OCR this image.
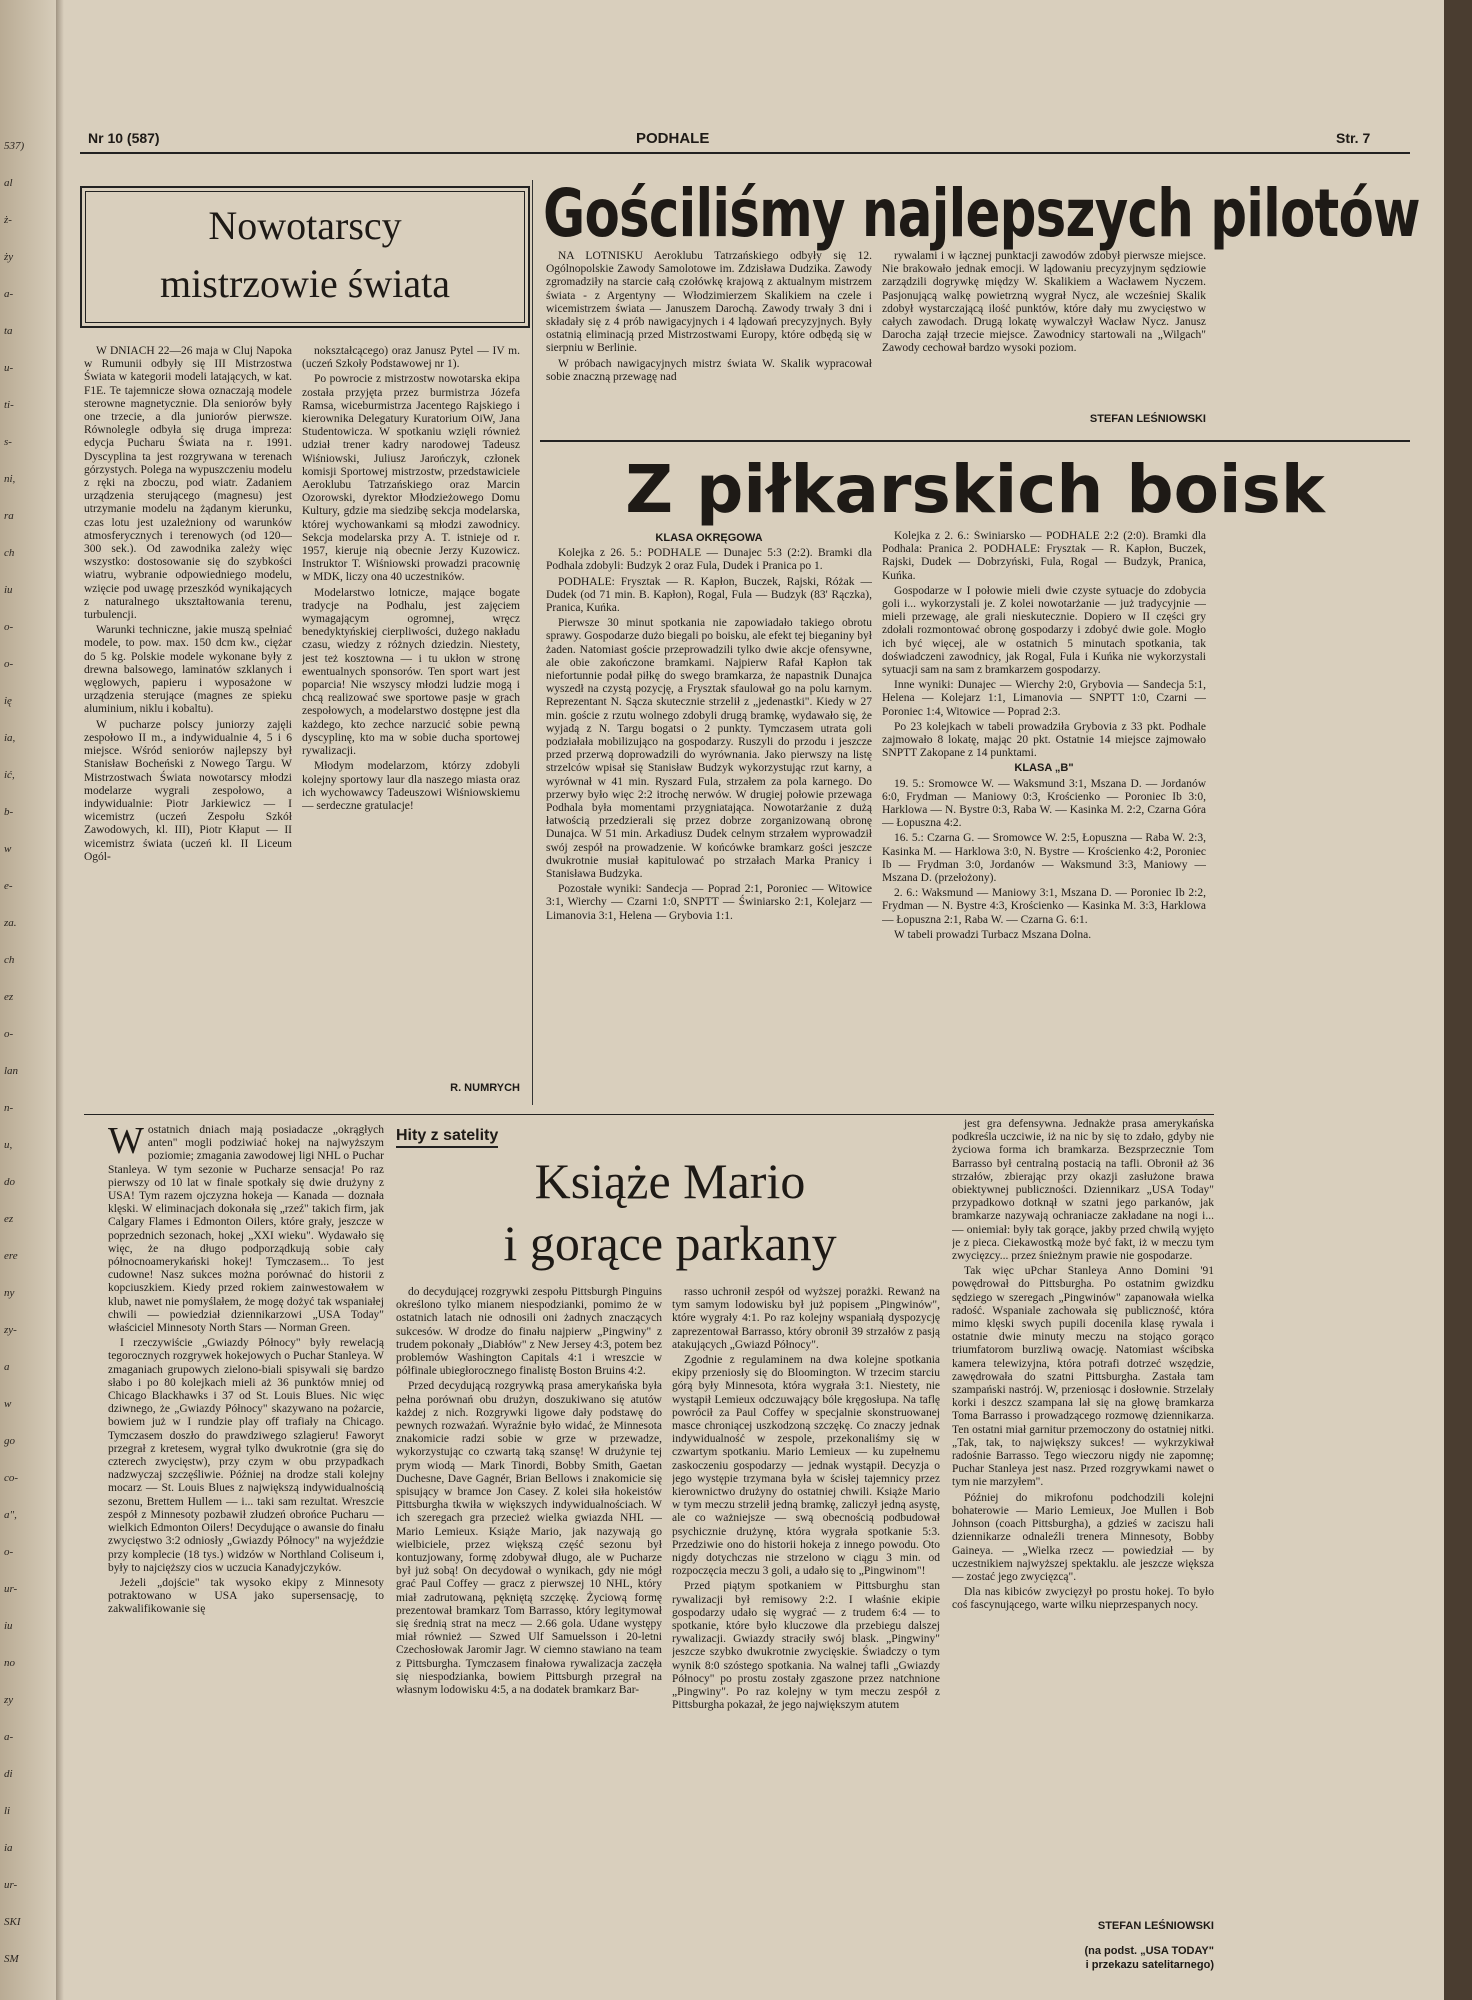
537)
al
ż-
ży
a-
ta
u-
ti-
s-
ni,
ra
ch
iu
o-
o-
ię
ia,
ić,
b-
w
e-
za.
ch
ez
o-
lan
n-
u,
do
ez
ere
ny
zy-
a
w
go
co-
a",
o-
ur-
iu
no
zy
a-
di
li
ia
ur-
SKI
SM
Nr 10 (587)	PODHALE	Str. 7
Nowotarscy
mistrzowie świata

W DNIACH 22—26 maja w Cluj Napoka w Rumunii odbyły się III Mistrzostwa Świata w kategorii modeli latających, w kat. F1E. Te tajemnicze słowa oznaczają modele sterowne magnetycznie. Dla seniorów były one trzecie, a dla juniorów pierwsze. Równolegle odbyła się druga impreza: edycja Pucharu Świata na r. 1991. Dyscyplina ta jest rozgrywana w terenach górzystych. Polega na wypuszczeniu modelu z ręki na zboczu, pod wiatr. Zadaniem urządzenia sterującego (magnesu) jest utrzymanie modelu na żądanym kierunku, czas lotu jest uzależniony od warunków atmosferycznych i terenowych (od 120—300 sek.). Od zawodnika zależy więc wszystko: dostosowanie się do szybkości wiatru, wybranie odpowiedniego modelu, wzięcie pod uwagę przeszkód wynikających z naturalnego ukształtowania terenu, turbulencji.

Warunki techniczne, jakie muszą spełniać modele, to pow. max. 150 dcm kw., ciężar do 5 kg. Polskie modele wykonane były z drewna balsowego, laminatów szklanych i węglowych, papieru i wyposażone w urządzenia sterujące (magnes ze spieku aluminium, niklu i kobaltu).

W pucharze polscy juniorzy zajęli zespołowo II m., a indywidualnie 4, 5 i 6 miejsce. Wśród seniorów najlepszy był Stanisław Bocheński z Nowego Targu. W Mistrzostwach Świata nowotarscy młodzi modelarze wygrali zespołowo, a indywidualnie: Piotr Jarkiewicz — I wicemistrz (uczeń Zespołu Szkół Zawodowych, kl. III), Piotr Kłaput — II wicemistrz świata (uczeń kl. II Liceum Ogól-

nokształcącego) oraz Janusz Pytel — IV m. (uczeń Szkoły Podstawowej nr 1).

Po powrocie z mistrzostw nowotarska ekipa została przyjęta przez burmistrza Józefa Ramsa, wiceburmistrza Jacentego Rajskiego i kierownika Delegatury Kuratorium OiW, Jana Studentowicza. W spotkaniu wzięli również udział trener kadry narodowej Tadeusz Wiśniowski, Juliusz Jarończyk, członek komisji Sportowej mistrzostw, przedstawiciele Aeroklubu Tatrzańskiego oraz Marcin Ozorowski, dyrektor Młodzieżowego Domu Kultury, gdzie ma siedzibę sekcja modelarska, której wychowankami są młodzi zawodnicy. Sekcja modelarska przy A. T. istnieje od r. 1957, kieruje nią obecnie Jerzy Kuzowicz. Instruktor T. Wiśniowski prowadzi pracownię w MDK, liczy ona 40 uczestników.

Modelarstwo lotnicze, mające bogate tradycje na Podhalu, jest zajęciem wymagającym ogromnej, wręcz benedyktyńskiej cierpliwości, dużego nakładu czasu, wiedzy z różnych dziedzin. Niestety, jest też kosztowna — i tu ukłon w stronę ewentualnych sponsorów. Ten sport wart jest poparcia! Nie wszyscy młodzi ludzie mogą i chcą realizować swe sportowe pasje w grach zespołowych, a modelarstwo dostępne jest dla każdego, kto zechce narzucić sobie pewną dyscyplinę, kto ma w sobie ducha sportowej rywalizacji.

Młodym modelarzom, którzy zdobyli kolejny sportowy laur dla naszego miasta oraz ich wychowawcy Tadeuszowi Wiśniowskiemu — serdeczne gratulacje!

R. NUMRYCH
Gościliśmy najlepszych pilotów

NA LOTNISKU Aeroklubu Tatrzańskiego odbyły się 12. Ogólnopolskie Zawody Samolotowe im. Zdzisława Dudzika. Zawody zgromadziły na starcie całą czołówkę krajową z aktualnym mistrzem świata - z Argentyny — Włodzimierzem Skalikiem na czele i wicemistrzem świata — Januszem Darochą. Zawody trwały 3 dni i składały się z 4 prób nawigacyjnych i 4 lądowań precyzyjnych. Były ostatnią eliminacją przed Mistrzostwami Europy, które odbędą się w sierpniu w Berlinie.

W próbach nawigacyjnych mistrz świata W. Skalik wypracował sobie znaczną przewagę nad

rywalami i w łącznej punktacji zawodów zdobył pierwsze miejsce. Nie brakowało jednak emocji. W lądowaniu precyzyjnym sędziowie zarządzili dogrywkę między W. Skalikiem a Wacławem Nyczem. Pasjonującą walkę powietrzną wygrał Nycz, ale wcześniej Skalik zdobył wystarczającą ilość punktów, które dały mu zwycięstwo w całych zawodach. Drugą lokatę wywalczył Wacław Nycz. Janusz Darocha zajął trzecie miejsce. Zawodnicy startowali na „Wilgach" Zawody cechował bardzo wysoki poziom.

STEFAN LEŚNIOWSKI
Z piłkarskich boisk
KLASA OKRĘGOWA

Kolejka z 26. 5.: PODHALE — Dunajec 5:3 (2:2). Bramki dla Podhala zdobyli: Budzyk 2 oraz Fula, Dudek i Pranica po 1.

PODHALE: Frysztak — R. Kapłon, Buczek, Rajski, Różak — Dudek (od 71 min. B. Kapłon), Rogal, Fula — Budzyk (83' Rączka), Pranica, Kuńka.

Pierwsze 30 minut spotkania nie zapowiadało takiego obrotu sprawy. Gospodarze dużo biegali po boisku, ale efekt tej bieganiny był żaden. Natomiast goście przeprowadzili tylko dwie akcje ofensywne, ale obie zakończone bramkami. Najpierw Rafał Kapłon tak niefortunnie podał piłkę do swego bramkarza, że napastnik Dunajca wyszedł na czystą pozycję, a Frysztak sfaulował go na polu karnym. Reprezentant N. Sącza skutecznie strzelił z „jedenastki". Kiedy w 27 min. goście z rzutu wolnego zdobyli drugą bramkę, wydawało się, że wyjadą z N. Targu bogatsi o 2 punkty. Tymczasem utrata goli podziałała mobilizująco na gospodarzy. Ruszyli do przodu i jeszcze przed przerwą doprowadzili do wyrównania. Jako pierwszy na listę strzelców wpisał się Stanisław Budzyk wykorzystując rzut karny, a wyrównał w 41 min. Ryszard Fula, strzałem za pola karnego. Do przerwy było więc 2:2 itrochę nerwów. W drugiej połowie przewaga Podhala była momentami przygniatająca. Nowotarżanie z dużą łatwością przedzierali się przez dobrze zorganizowaną obronę Dunajca. W 51 min. Arkadiusz Dudek celnym strzałem wyprowadził swój zespół na prowadzenie. W końcówke bramkarz gości jeszcze dwukrotnie musiał kapitulować po strzałach Marka Pranicy i Stanisława Budzyka.

Pozostałe wyniki: Sandecja — Poprad 2:1, Poroniec — Witowice 3:1, Wierchy — Czarni 1:0, SNPTT — Świniarsko 2:1, Kolejarz — Limanovia 3:1, Helena — Grybovia 1:1.

Kolejka z 2. 6.: Świniarsko — PODHALE 2:2 (2:0). Bramki dla Podhala: Pranica 2. PODHALE: Frysztak — R. Kapłon, Buczek, Rajski, Dudek — Dobrzyński, Fula, Rogal — Budzyk, Pranica, Kuńka.

Gospodarze w I połowie mieli dwie czyste sytuacje do zdobycia goli i... wykorzystali je. Z kolei nowotarżanie — już tradycyjnie — mieli przewagę, ale grali nieskutecznie. Dopiero w II części gry zdołali rozmontować obronę gospodarzy i zdobyć dwie gole. Mogło ich być więcej, ale w ostatnich 5 minutach spotkania, tak doświadczeni zawodnicy, jak Rogal, Fula i Kuńka nie wykorzystali sytuacji sam na sam z bramkarzem gospodarzy.

Inne wyniki: Dunajec — Wierchy 2:0, Grybovia — Sandecja 5:1, Helena — Kolejarz 1:1, Limanovia — SNPTT 1:0, Czarni — Poroniec 1:4, Witowice — Poprad 2:3.

Po 23 kolejkach w tabeli prowadziła Grybovia z 33 pkt. Podhale zajmowało 8 lokatę, mając 20 pkt. Ostatnie 14 miejsce zajmowało SNPTT Zakopane z 14 punktami.

KLASA „B"

19. 5.: Sromowce W. — Waksmund 3:1, Mszana D. — Jordanów 6:0, Frydman — Maniowy 0:3, Krościenko — Poroniec Ib 3:0, Harklowa — N. Bystre 0:3, Raba W. — Kasinka M. 2:2, Czarna Góra — Łopuszna 4:2.

16. 5.: Czarna G. — Sromowce W. 2:5, Łopuszna — Raba W. 2:3, Kasinka M. — Harklowa 3:0, N. Bystre — Krościenko 4:2, Poroniec Ib — Frydman 3:0, Jordanów — Waksmund 3:3, Maniowy — Mszana D. (przełożony).

2. 6.: Waksmund — Maniowy 3:1, Mszana D. — Poroniec Ib 2:2, Frydman — N. Bystre 4:3, Krościenko — Kasinka M. 3:3, Harklowa — Łopuszna 2:1, Raba W. — Czarna G. 6:1.

W tabeli prowadzi Turbacz Mszana Dolna.

Hity z satelity
Książe Mario
i gorące parkany
W ostatnich dniach mają posiadacze „okrągłych anten" mogli podziwiać hokej na najwyższym poziomie; zmagania zawodowej ligi NHL o Puchar Stanleya. W tym sezonie w Pucharze sensacja! Po raz pierwszy od 10 lat w finale spotkały się dwie drużyny z USA! Tym razem ojczyzna hokeja — Kanada — doznała klęski. W eliminacjach dokonała się „rzeź" takich firm, jak Calgary Flames i Edmonton Oilers, które grały, jeszcze w poprzednich sezonach, hokej „XXI wieku". Wydawało się więc, że na długo podporządkują sobie cały północnoamerykański hokej! Tymczasem... To jest cudowne! Nasz sukces można porównać do historii z kopciuszkiem. Kiedy przed rokiem zainwestowałem w klub, nawet nie pomyślałem, że mogę dożyć tak wspaniałej chwili — powiedział dziennikarzowi „USA Today" właściciel Minnesoty North Stars — Norman Green.

I rzeczywiście „Gwiazdy Północy" były rewelacją tegorocznych rozgrywek hokejowych o Puchar Stanleya. W zmaganiach grupowych zielono-biali spisywali się bardzo słabo i po 80 kolejkach mieli aż 36 punktów mniej od Chicago Blackhawks i 37 od St. Louis Blues. Nic więc dziwnego, że „Gwiazdy Północy" skazywano na pożarcie, bowiem już w I rundzie play off trafiały na Chicago. Tymczasem doszło do prawdziwego szlagieru! Faworyt przegrał z kretesem, wygrał tylko dwukrotnie (gra się do czterech zwycięstw), przy czym w obu przypadkach nadzwyczaj szczęśliwie. Później na drodze stali kolejny mocarz — St. Louis Blues z największą indywidualnością sezonu, Brettem Hullem — i... taki sam rezultat. Wreszcie zespół z Minnesoty pozbawił złudzeń obrońce Pucharu — wielkich Edmonton Oilers! Decydujące o awansie do finału zwycięstwo 3:2 odniosły „Gwiazdy Północy" na wyjeździe przy komplecie (18 tys.) widzów w Northland Coliseum i, były to najcięższy cios w uczucia Kanadyjczyków.

Jeżeli „dojście" tak wysoko ekipy z Minnesoty potraktowano w USA jako supersensację, to zakwalifikowanie się

do decydującej rozgrywki zespołu Pittsburgh Pinguins określono tylko mianem niespodzianki, pomimo że w ostatnich latach nie odnosili oni żadnych znaczących sukcesów. W drodze do finału najpierw „Pingwiny" z trudem pokonały „Diabłów" z New Jersey 4:3, potem bez problemów Washington Capitals 4:1 i wreszcie w półfinale ubiegłorocznego finalistę Boston Bruins 4:2.

Przed decydującą rozgrywką prasa amerykańska była pełna porównań obu drużyn, doszukiwano się atutów każdej z nich. Rozgrywki ligowe dały podstawę do pewnych rozważań. Wyraźnie było widać, że Minnesota znakomicie radzi sobie w grze w przewadze, wykorzystując co czwartą taką szansę! W drużynie tej prym wiodą — Mark Tinordi, Bobby Smith, Gaetan Duchesne, Dave Gagnér, Brian Bellows i znakomicie się spisujący w bramce Jon Casey. Z kolei siła hokeistów Pittsburgha tkwiła w większych indywidualnościach. W ich szeregach gra przecież wielka gwiazda NHL — Mario Lemieux. Książe Mario, jak nazywają go wielbiciele, przez większą część sezonu był kontuzjowany, formę zdobywał długo, ale w Pucharze był już sobą! On decydował o wynikach, gdy nie mógł grać Paul Coffey — gracz z pierwszej 10 NHL, który miał zadrutowaną, pękniętą szczękę. Życiową formę prezentował bramkarz Tom Barrasso, który legitymował się średnią strat na mecz — 2.66 gola. Udane występy miał również — Szwed Ulf Samuelsson i 20-letni Czechosłowak Jaromir Jagr. W ciemno stawiano na team z Pittsburgha. Tymczasem finałowa rywalizacja zaczęła się niespodzianka, bowiem Pittsburgh przegrał na własnym lodowisku 4:5, a na dodatek bramkarz Bar-

rasso uchronił zespół od wyższej porażki. Rewanż na tym samym lodowisku był już popisem „Pingwinów", które wygrały 4:1. Po raz kolejny wspaniałą dyspozycję zaprezentował Barrasso, który obronił 39 strzałów z pasją atakujących „Gwiazd Północy".

Zgodnie z regulaminem na dwa kolejne spotkania ekipy przeniosły się do Bloomington. W trzecim starciu górą były Minnesota, która wygrała 3:1. Niestety, nie wystąpił Lemieux odczuwający bóle kręgosłupa. Na taflę powrócił za Paul Coffey w specjalnie skonstruowanej masce chroniącej uszkodzoną szczękę. Co znaczy jednak indywidualność w zespole, przekonaliśmy się w czwartym spotkaniu. Mario Lemieux — ku zupełnemu zaskoczeniu gospodarzy — jednak wystąpił. Decyzja o jego występie trzymana była w ścisłej tajemnicy przez kierownictwo drużyny do ostatniej chwili. Książe Mario w tym meczu strzelił jedną bramkę, zaliczył jedną asystę, ale co ważniejsze — swą obecnością podbudował psychicznie drużynę, która wygrała spotkanie 5:3. Przedziwie ono do historii hokeja z innego powodu. Oto nigdy dotychczas nie strzelono w ciągu 3 min. od rozpoczęcia meczu 3 goli, a udało się to „Pingwinom"!

Przed piątym spotkaniem w Pittsburghu stan rywalizacji był remisowy 2:2. I właśnie ekipie gospodarzy udało się wygrać — z trudem 6:4 — to spotkanie, które było kluczowe dla przebiegu dalszej rywalizacji. Gwiazdy straciły swój blask. „Pingwiny" jeszcze szybko dwukrotnie zwycięskie. Świadczy o tym wynik 8:0 szóstego spotkania. Na walnej tafli „Gwiazdy Północy" po prostu zostały zgaszone przez natchnione „Pingwiny". Po raz kolejny w tym meczu zespół z Pittsburgha pokazał, że jego największym atutem

jest gra defensywna. Jednakże prasa amerykańska podkreśla uczciwie, iż na nic by się to zdało, gdyby nie życiowa forma ich bramkarza. Bezsprzecznie Tom Barrasso był centralną postacią na tafli. Obronił aż 36 strzałów, zbierając przy okazji zasłużone brawa obiektywnej publiczności. Dziennikarz „USA Today" przypadkowo dotknął w szatni jego parkanów, jak bramkarze nazywają ochraniacze zakładane na nogi i... — oniemiał: były tak gorące, jakby przed chwilą wyjęto je z pieca. Ciekawostką może być fakt, iż w meczu tym zwycięzcy... przez śnieżnym prawie nie gospodarze.

Tak więc uPchar Stanleya Anno Domini '91 powędrował do Pittsburgha. Po ostatnim gwizdku sędziego w szeregach „Pingwinów" zapanowała wielka radość. Wspaniale zachowała się publiczność, która mimo klęski swych pupili docenila klasę rywala i ostatnie dwie minuty meczu na stojąco gorąco triumfatorom burzliwą owację. Natomiast wścibska kamera telewizyjna, która potrafi dotrzeć wszędzie, zawędrowała do szatni Pittsburgha. Zastała tam szampański nastrój. W, przeniosąc i dosłownie. Strzelały korki i deszcz szampana lał się na głowę bramkarza Toma Barrasso i prowadzącego rozmowę dziennikarza. Ten ostatni miał garnitur przemoczony do ostatniej nitki. „Tak, tak, to największy sukces! — wykrzykiwał radośnie Barrasso. Tego wieczoru nigdy nie zapomnę; Puchar Stanleya jest nasz. Przed rozgrywkami nawet o tym nie marzyłem".

Później do mikrofonu podchodzili kolejni bohaterowie — Mario Lemieux, Joe Mullen i Bob Johnson (coach Pittsburgha), a gdzieś w zaciszu hali dziennikarze odnaleźli trenera Minnesoty, Bobby Gaineya. — „Wielka rzecz — powiedział — by uczestnikiem najwyższej spektaklu. ale jeszcze większa — zostać jego zwycięzcą".

Dla nas kibiców zwycięzył po prostu hokej. To było coś fascynującego, warte wilku nieprzespanych nocy.

STEFAN LEŚNIOWSKI
(na podst. „USA TODAY"
i przekazu satelitarnego)
